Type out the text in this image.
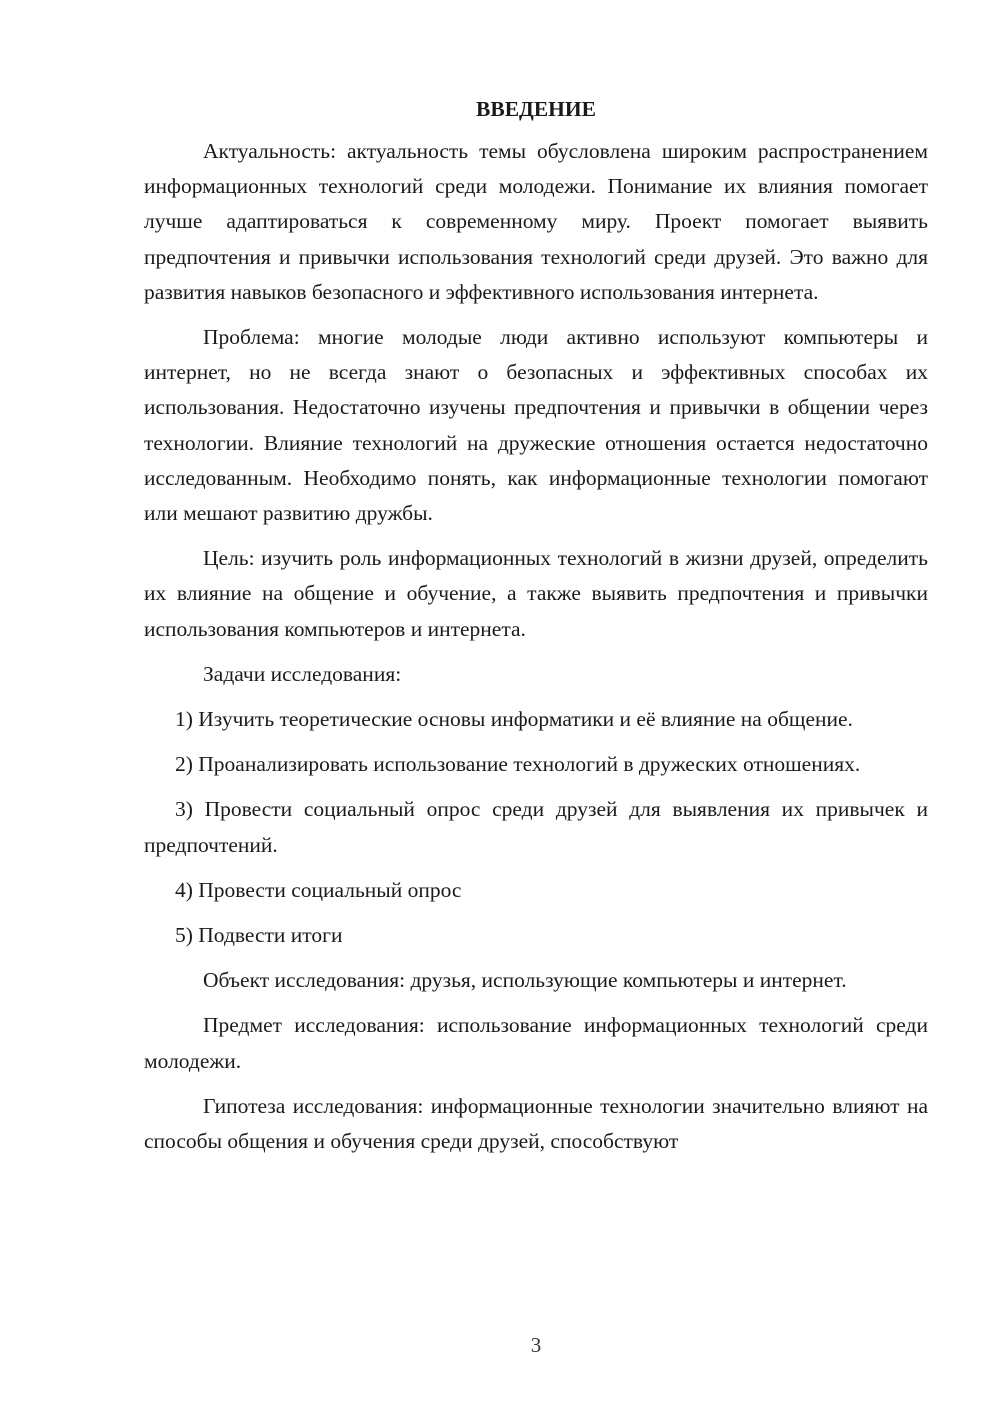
ВВЕДЕНИЕ

Актуальность: актуальность темы обусловлена широким распространением информационных технологий среди молодежи. Понимание их влияния помогает лучше адаптироваться к современному миру. Проект помогает выявить предпочтения и привычки использования технологий среди друзей. Это важно для развития навыков безопасного и эффективного использования интернета.

Проблема: многие молодые люди активно используют компьютеры и интернет, но не всегда знают о безопасных и эффективных способах их использования. Недостаточно изучены предпочтения и привычки в общении через технологии. Влияние технологий на дружеские отношения остается недостаточно исследованным. Необходимо понять, как информационные технологии помогают или мешают развитию дружбы.

Цель: изучить роль информационных технологий в жизни друзей, определить их влияние на общение и обучение, а также выявить предпочтения и привычки использования компьютеров и интернета.

Задачи исследования:

1) Изучить теоретические основы информатики и её влияние на общение.

2) Проанализировать использование технологий в дружеских отношениях.

3) Провести социальный опрос среди друзей для выявления их привычек и предпочтений.

4) Провести социальный опрос

5) Подвести итоги

Объект исследования: друзья, использующие компьютеры и интернет.

Предмет исследования: использование информационных технологий среди молодежи.

Гипотеза исследования: информационные технологии значительно влияют на способы общения и обучения среди друзей, способствуют

3
